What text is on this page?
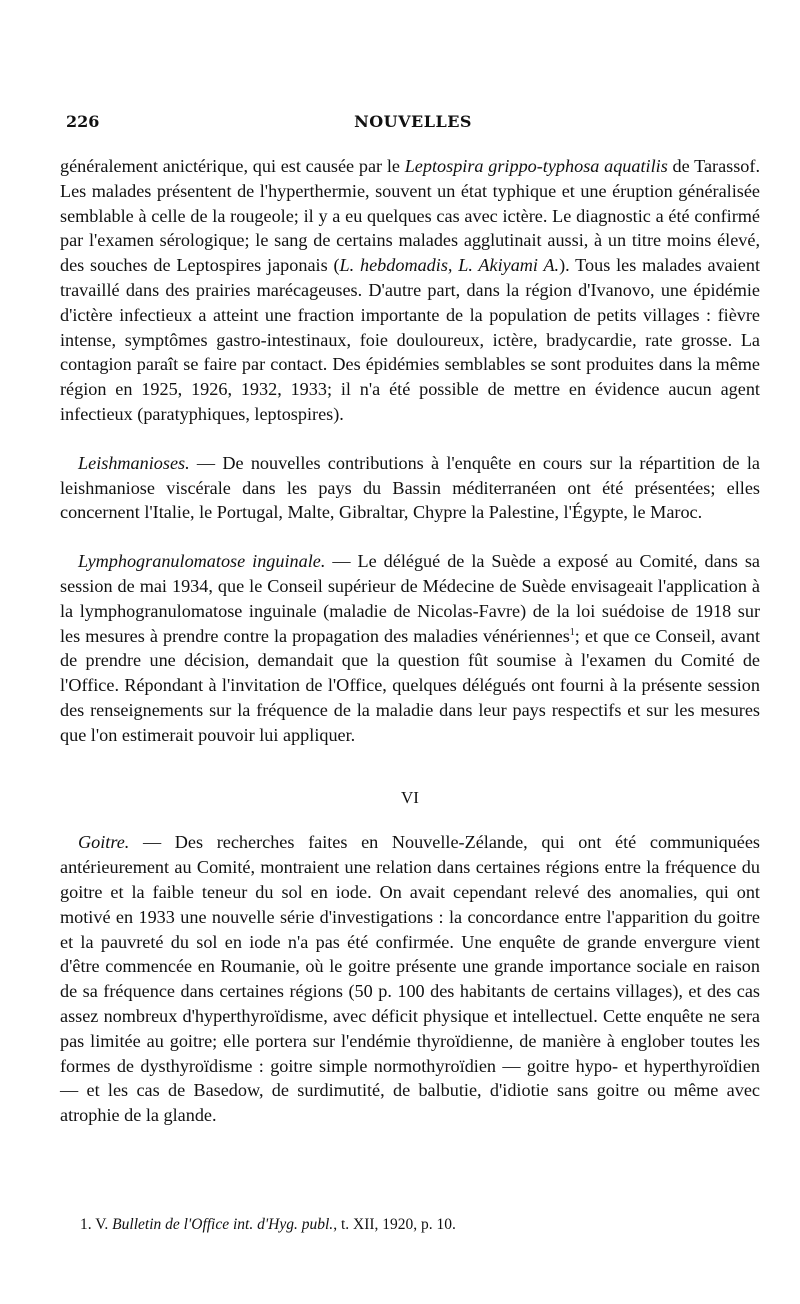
226	NOUVELLES

généralement anictérique, qui est causée par le Leptospira grippo-typhosa aquatilis de Tarassof. Les malades présentent de l'hyperthermie, souvent un état typhique et une éruption généralisée semblable à celle de la rougeole; il y a eu quelques cas avec ictère. Le diagnostic a été confirmé par l'examen sérologique; le sang de certains malades agglutinait aussi, à un titre moins élevé, des souches de Leptospires japonais (L. hebdomadis, L. Akiyami A.). Tous les malades avaient travaillé dans des prairies marécageuses. D'autre part, dans la région d'Ivanovo, une épidémie d'ictère infectieux a atteint une fraction importante de la population de petits villages : fièvre intense, symptômes gastro-intestinaux, foie douloureux, ictère, bradycardie, rate grosse. La contagion paraît se faire par contact. Des épidémies semblables se sont produites dans la même région en 1925, 1926, 1932, 1933; il n'a été possible de mettre en évidence aucun agent infectieux (paratyphiques, leptospires).

Leishmanioses. — De nouvelles contributions à l'enquête en cours sur la répartition de la leishmaniose viscérale dans les pays du Bassin méditerranéen ont été présentées; elles concernent l'Italie, le Portugal, Malte, Gibraltar, Chypre la Palestine, l'Égypte, le Maroc.

Lymphogranulomatose inguinale. — Le délégué de la Suède a exposé au Comité, dans sa session de mai 1934, que le Conseil supérieur de Médecine de Suède envisageait l'application à la lymphogranulomatose inguinale (maladie de Nicolas-Favre) de la loi suédoise de 1918 sur les mesures à prendre contre la propagation des maladies vénériennes$^1$; et que ce Conseil, avant de prendre une décision, demandait que la question fût soumise à l'examen du Comité de l'Office. Répondant à l'invitation de l'Office, quelques délégués ont fourni à la présente session des renseignements sur la fréquence de la maladie dans leur pays respectifs et sur les mesures que l'on estimerait pouvoir lui appliquer.

VI

Goitre. — Des recherches faites en Nouvelle-Zélande, qui ont été communiquées antérieurement au Comité, montraient une relation dans certaines régions entre la fréquence du goitre et la faible teneur du sol en iode. On avait cependant relevé des anomalies, qui ont motivé en 1933 une nouvelle série d'investigations : la concordance entre l'apparition du goitre et la pauvreté du sol en iode n'a pas été confirmée. Une enquête de grande envergure vient d'être commencée en Roumanie, où le goitre présente une grande importance sociale en raison de sa fréquence dans certaines régions (50 p. 100 des habitants de certains villages), et des cas assez nombreux d'hyperthyroïdisme, avec déficit physique et intellectuel. Cette enquête ne sera pas limitée au goitre; elle portera sur l'endémie thyroïdienne, de manière à englober toutes les formes de dysthyroïdisme : goitre simple normothyroïdien — goitre hypo- et hyperthyroïdien — et les cas de Basedow, de surdimutité, de balbutie, d'idiotie sans goitre ou même avec atrophie de la glande.

1. V. Bulletin de l'Office int. d'Hyg. publ., t. XII, 1920, p. 10.
